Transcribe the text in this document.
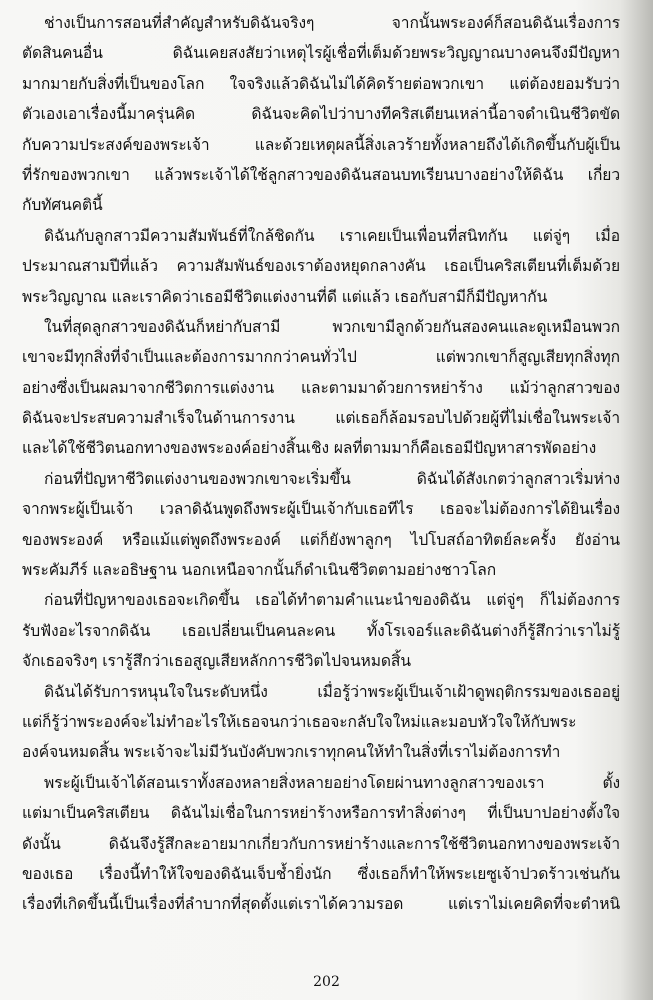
ช่างเป็นการสอนที่สำคัญสำหรับดิฉันจริงๆ จากนั้นพระองค์ก็สอนดิฉันเรื่องการ
ตัดสินคนอื่น ดิฉันเคยสงสัยว่าเหตุไรผู้เชื่อที่เต็มด้วยพระวิญญาณบางคนจึงมีปัญหา
มากมายกับสิ่งที่เป็นของโลก ใจจริงแล้วดิฉันไม่ได้คิดร้ายต่อพวกเขา แต่ต้องยอมรับว่า
ตัวเองเอาเรื่องนี้มาครุ่นคิด ดิฉันจะคิดไปว่าบางทีคริสเตียนเหล่านี้อาจดำเนินชีวิตขัด
กับความประสงค์ของพระเจ้า และด้วยเหตุผลนี้สิ่งเลวร้ายทั้งหลายถึงได้เกิดขึ้นกับผู้เป็น
ที่รักของพวกเขา แล้วพระเจ้าได้ใช้ลูกสาวของดิฉันสอนบทเรียนบางอย่างให้ดิฉัน เกี่ยว
กับทัศนคตินี้
ดิฉันกับลูกสาวมีความสัมพันธ์ที่ใกล้ชิดกัน เราเคยเป็นเพื่อนที่สนิทกัน แต่จู่ๆ เมื่อ
ประมาณสามปีที่แล้ว ความสัมพันธ์ของเราต้องหยุดกลางคัน เธอเป็นคริสเตียนที่เต็มด้วย
พระวิญญาณ และเราคิดว่าเธอมีชีวิตแต่งงานที่ดี แต่แล้ว เธอกับสามีก็มีปัญหากัน
ในที่สุดลูกสาวของดิฉันก็หย่ากับสามี พวกเขามีลูกด้วยกันสองคนและดูเหมือนพวก
เขาจะมีทุกสิ่งที่จำเป็นและต้องการมากกว่าคนทั่วไป แต่พวกเขาก็สูญเสียทุกสิ่งทุก
อย่างซึ่งเป็นผลมาจากชีวิตการแต่งงาน และตามมาด้วยการหย่าร้าง แม้ว่าลูกสาวของ
ดิฉันจะประสบความสำเร็จในด้านการงาน แต่เธอก็ล้อมรอบไปด้วยผู้ที่ไม่เชื่อในพระเจ้า
และได้ใช้ชีวิตนอกทางของพระองค์อย่างสิ้นเชิง ผลที่ตามมาก็คือเธอมีปัญหาสารพัดอย่าง
ก่อนที่ปัญหาชีวิตแต่งงานของพวกเขาจะเริ่มขึ้น ดิฉันได้สังเกตว่าลูกสาวเริ่มห่าง
จากพระผู้เป็นเจ้า เวลาดิฉันพูดถึงพระผู้เป็นเจ้ากับเธอทีไร เธอจะไม่ต้องการได้ยินเรื่อง
ของพระองค์ หรือแม้แต่พูดถึงพระองค์ แต่ก็ยังพาลูกๆ ไปโบสถ์อาทิตย์ละครั้ง ยังอ่าน
พระคัมภีร์ และอธิษฐาน นอกเหนือจากนั้นก็ดำเนินชีวิตตามอย่างชาวโลก
ก่อนที่ปัญหาของเธอจะเกิดขึ้น เธอได้ทำตามคำแนะนำของดิฉัน แต่จู่ๆ ก็ไม่ต้องการ
รับฟังอะไรจากดิฉัน เธอเปลี่ยนเป็นคนละคน ทั้งโรเจอร์และดิฉันต่างก็รู้สึกว่าเราไม่รู้
จักเธอจริงๆ เรารู้สึกว่าเธอสูญเสียหลักการชีวิตไปจนหมดสิ้น
ดิฉันได้รับการหนุนใจในระดับหนึ่ง เมื่อรู้ว่าพระผู้เป็นเจ้าเฝ้าดูพฤติกรรมของเธออยู่
แต่ก็รู้ว่าพระองค์จะไม่ทำอะไรให้เธอจนกว่าเธอจะกลับใจใหม่และมอบหัวใจให้กับพระ
องค์จนหมดสิ้น พระเจ้าจะไม่มีวันบังคับพวกเราทุกคนให้ทำในสิ่งที่เราไม่ต้องการทำ
พระผู้เป็นเจ้าได้สอนเราทั้งสองหลายสิ่งหลายอย่างโดยผ่านทางลูกสาวของเรา ตั้ง
แต่มาเป็นคริสเตียน ดิฉันไม่เชื่อในการหย่าร้างหรือการทำสิ่งต่างๆ ที่เป็นบาปอย่างตั้งใจ
ดังนั้น ดิฉันจึงรู้สึกละอายมากเกี่ยวกับการหย่าร้างและการใช้ชีวิตนอกทางของพระเจ้า
ของเธอ เรื่องนี้ทำให้ใจของดิฉันเจ็บช้ำยิ่งนัก ซึ่งเธอก็ทำให้พระเยซูเจ้าปวดร้าวเช่นกัน
เรื่องที่เกิดขึ้นนี้เป็นเรื่องที่ลำบากที่สุดตั้งแต่เราได้ความรอด แต่เราไม่เคยคิดที่จะตำหนิ
202
